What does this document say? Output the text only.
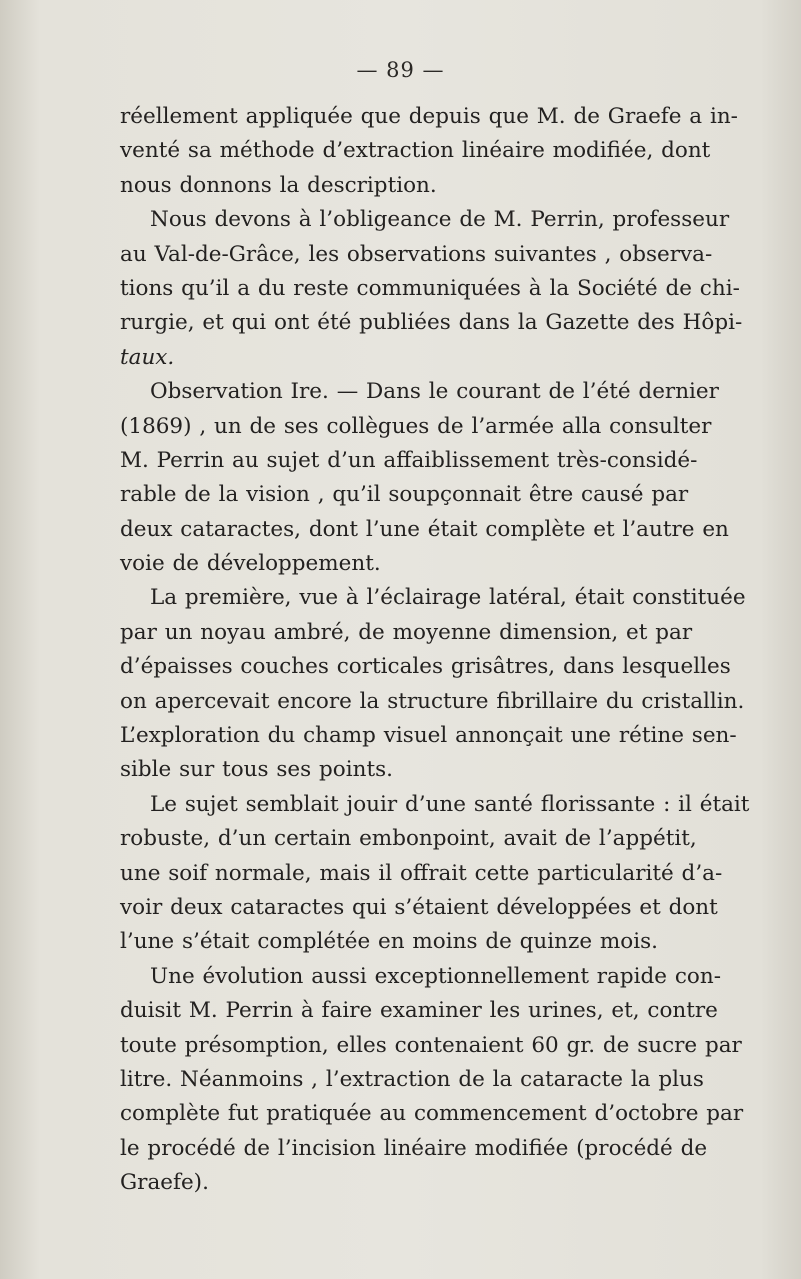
— 89 —
réellement appliquée que depuis que M. de Graefe a in-
venté sa méthode d’extraction linéaire modifiée, dont
nous donnons la description.
Nous devons à l’obligeance de M. Perrin, professeur
au Val-de-Grâce, les observations suivantes , observa-
tions qu’il a du reste communiquées à la Société de chi-
rurgie, et qui ont été publiées dans la Gazette des Hôpi-
taux.
Observation Ire. — Dans le courant de l’été dernier
(1869) , un de ses collègues de l’armée alla consulter
M. Perrin au sujet d’un affaiblissement très-considé-
rable de la vision , qu’il soupçonnait être causé par
deux cataractes, dont l’une était complète et l’autre en
voie de développement.
La première, vue à l’éclairage latéral, était constituée
par un noyau ambré, de moyenne dimension, et par
d’épaisses couches corticales grisâtres, dans lesquelles
on apercevait encore la structure fibrillaire du cristallin.
L’exploration du champ visuel annonçait une rétine sen-
sible sur tous ses points.
Le sujet semblait jouir d’une santé florissante : il était
robuste, d’un certain embonpoint, avait de l’appétit,
une soif normale, mais il offrait cette particularité d’a-
voir deux cataractes qui s’étaient développées et dont
l’une s’était complétée en moins de quinze mois.
Une évolution aussi exceptionnellement rapide con-
duisit M. Perrin à faire examiner les urines, et, contre
toute présomption, elles contenaient 60 gr. de sucre par
litre. Néanmoins , l’extraction de la cataracte la plus
complète fut pratiquée au commencement d’octobre par
le procédé de l’incision linéaire modifiée (procédé de
Graefe).
